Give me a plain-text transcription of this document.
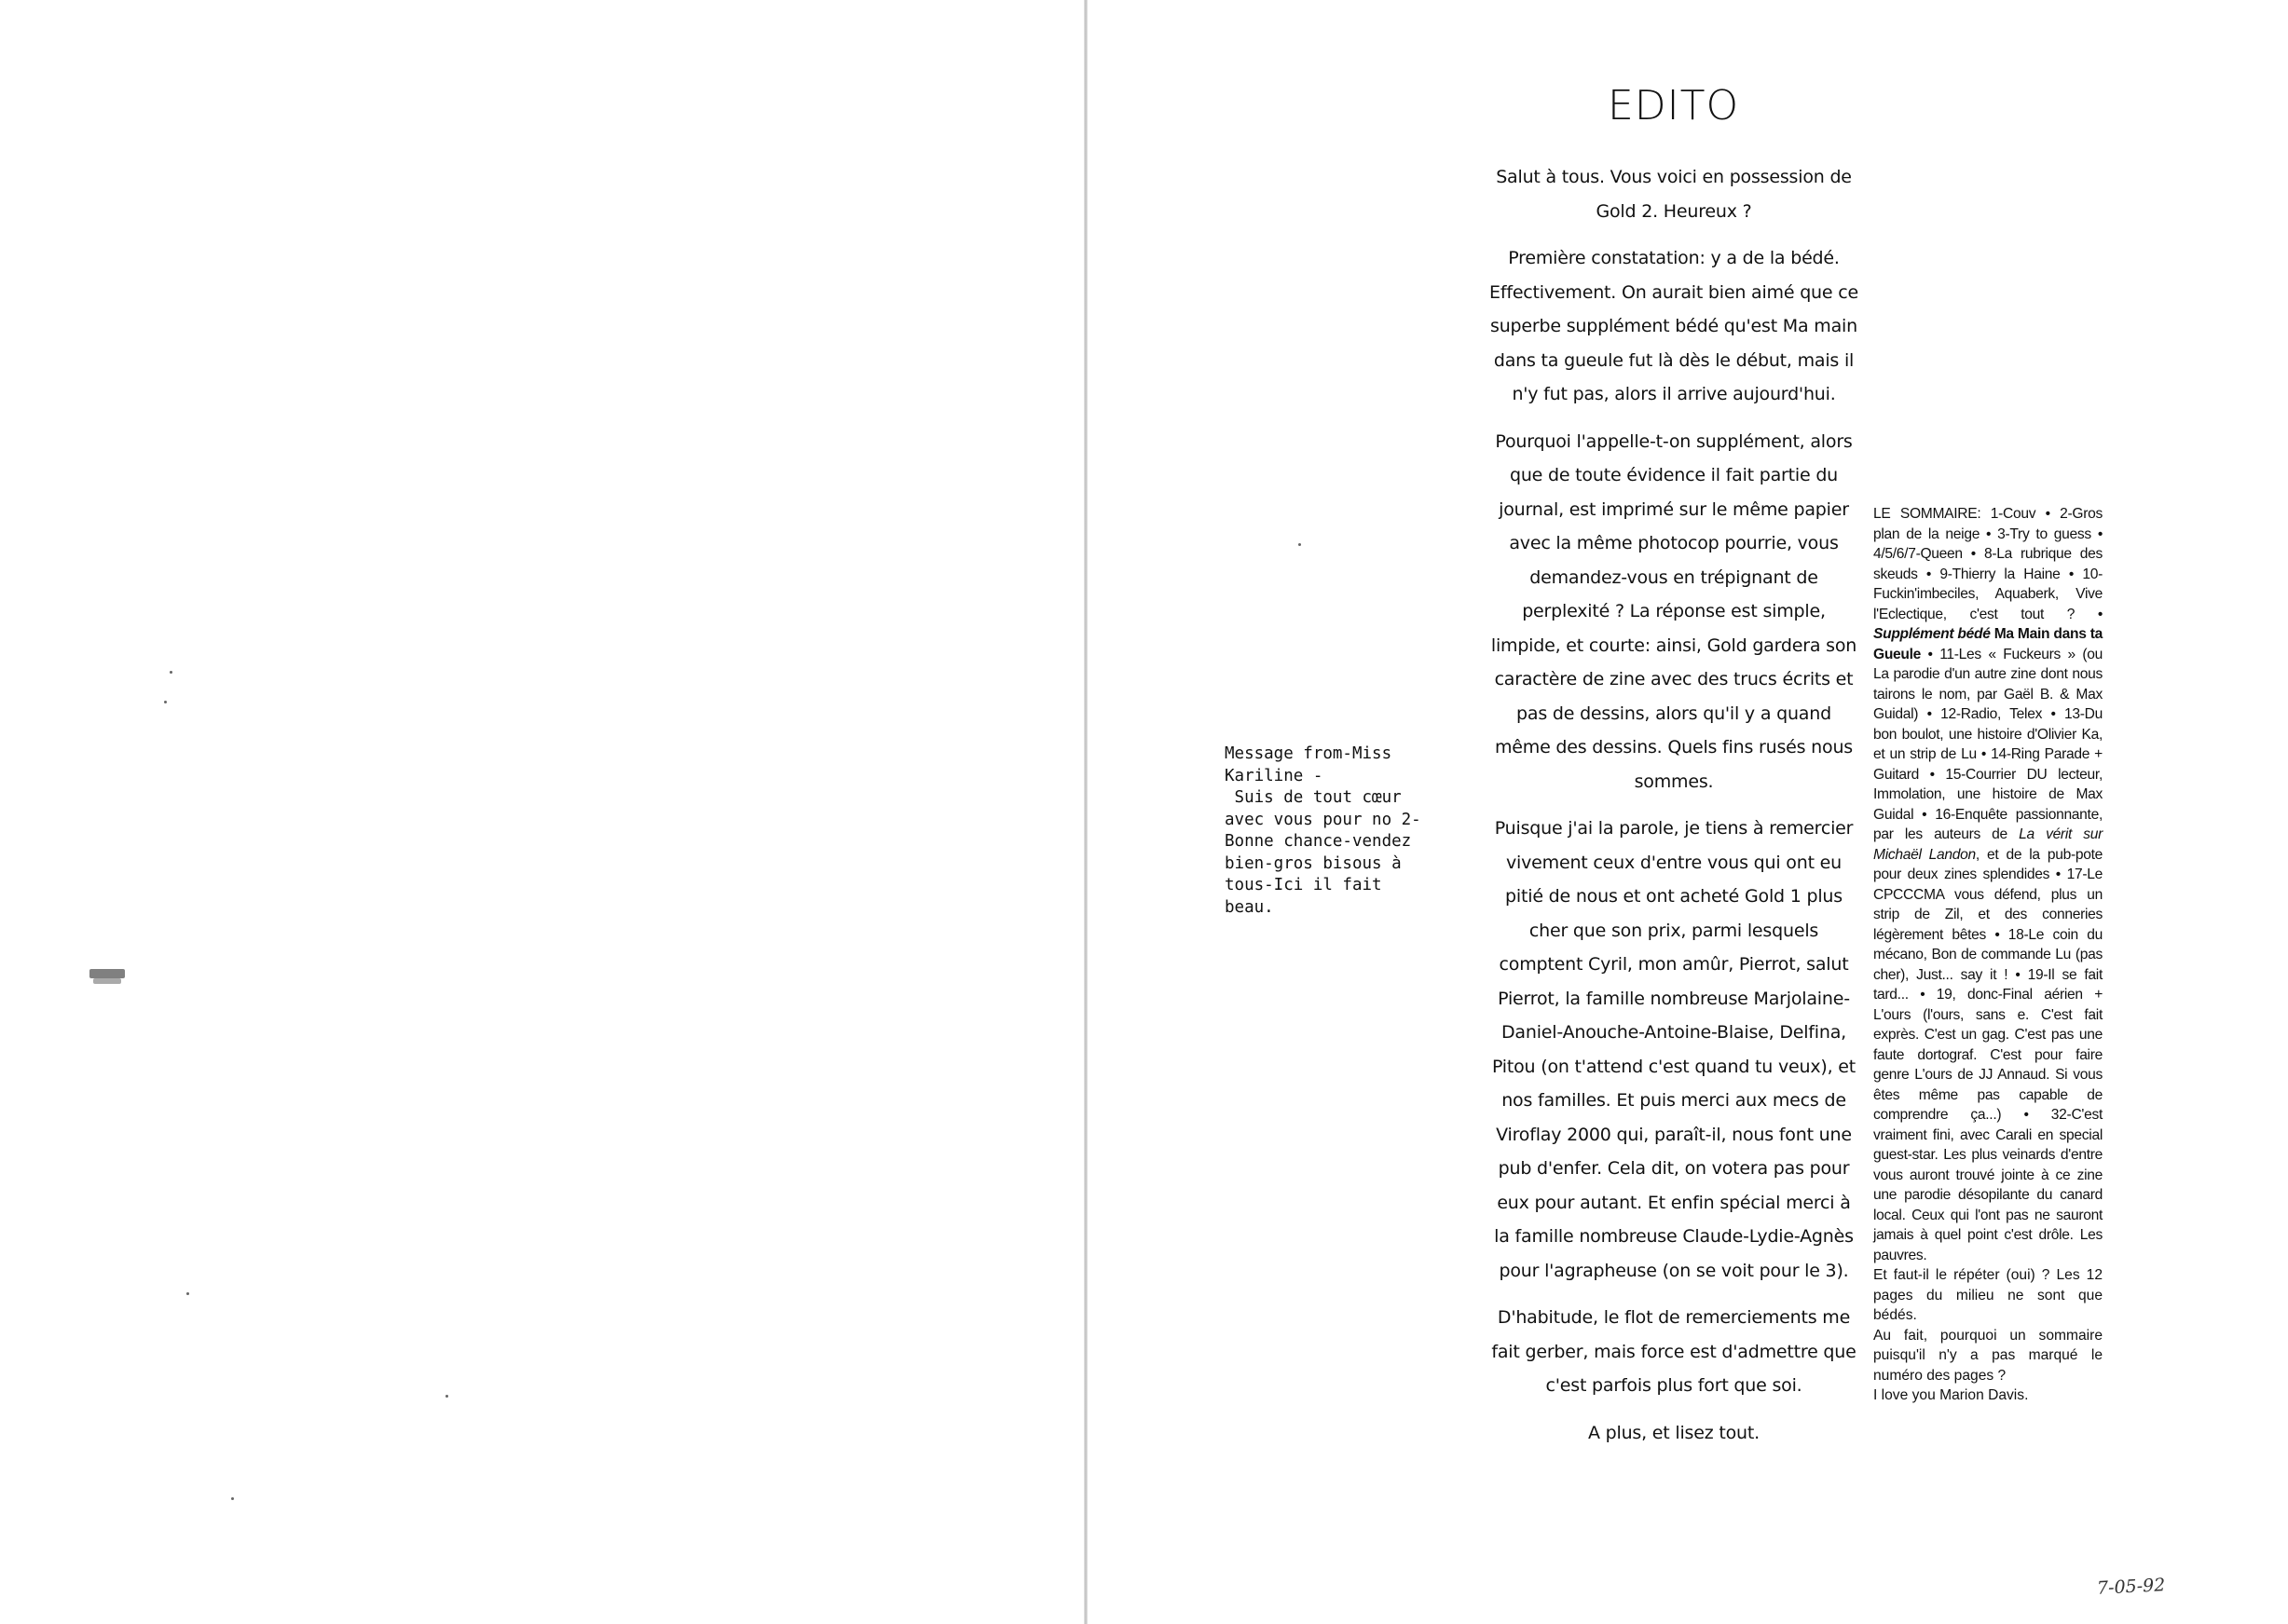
EDITO

Salut à tous. Vous voici en possession de Gold 2. Heureux ?

Première constatation: y a de la bédé. Effectivement. On aurait bien aimé que ce superbe supplément bédé qu'est Ma main dans ta gueule fut là dès le début, mais il n'y fut pas, alors il arrive aujourd'hui.

Pourquoi l'appelle-t-on supplément, alors que de toute évidence il fait partie du journal, est imprimé sur le même papier avec la même photocop pourrie, vous demandez-vous en trépignant de perplexité ? La réponse est simple, limpide, et courte: ainsi, Gold gardera son caractère de zine avec des trucs écrits et pas de dessins, alors qu'il y a quand même des dessins. Quels fins rusés nous sommes.

Puisque j'ai la parole, je tiens à remercier vivement ceux d'entre vous qui ont eu pitié de nous et ont acheté Gold 1 plus cher que son prix, parmi lesquels comptent Cyril, mon amûr, Pierrot, salut Pierrot, la famille nombreuse Marjolaine-Daniel-Anouche-Antoine-Blaise, Delfina, Pitou (on t'attend c'est quand tu veux), et nos familles. Et puis merci aux mecs de Viroflay 2000 qui, paraît-il, nous font une pub d'enfer. Cela dit, on votera pas pour eux pour autant. Et enfin spécial merci à la famille nombreuse Claude-Lydie-Agnès pour l'agrapheuse (on se voit pour le 3).

D'habitude, le flot de remerciements me fait gerber, mais force est d'admettre que c'est parfois plus fort que soi.

A plus, et lisez tout.

Message from-Miss
Kariline -
Suis de tout cœur
avec vous pour no 2-
Bonne chance-vendez
bien-gros bisous à
tous-Ici il fait
beau.

LE SOMMAIRE: 1-Couv • 2-Gros plan de la neige • 3-Try to guess • 4/5/6/7-Queen • 8-La rubrique des skeuds • 9-Thierry la Haine • 10-Fuckin'imbeciles, Aquaberk, Vive l'Eclectique, c'est tout ? • Supplément bédé Ma Main dans ta Gueule • 11-Les « Fuckeurs » (ou La parodie d'un autre zine dont nous tairons le nom, par Gaël B. & Max Guidal) • 12-Radio, Telex • 13-Du bon boulot, une histoire d'Olivier Ka, et un strip de Lu • 14-Ring Parade + Guitard • 15-Courrier DU lecteur, Immolation, une histoire de Max Guidal • 16-Enquête passionnante, par les auteurs de La vérit sur Michaël Landon, et de la pub-pote pour deux zines splendides • 17-Le CPCCCMA vous défend, plus un strip de Zil, et des conneries légèrement bêtes • 18-Le coin du mécano, Bon de commande Lu (pas cher), Just... say it ! • 19-Il se fait tard... • 19, donc-Final aérien + L'ours (l'ours, sans e. C'est fait exprès. C'est un gag. C'est pas une faute dortograf. C'est pour faire genre L'ours de JJ Annaud. Si vous êtes même pas capable de comprendre ça...) • 32-C'est vraiment fini, avec Carali en special guest-star. Les plus veinards d'entre vous auront trouvé jointe à ce zine une parodie désopilante du canard local. Ceux qui l'ont pas ne sauront jamais à quel point c'est drôle. Les pauvres.

Et faut-il le répéter (oui) ? Les 12 pages du milieu ne sont que bédés.

Au fait, pourquoi un sommaire puisqu'il n'y a pas marqué le numéro des pages ?

I love you Marion Davis.

7-05-92
